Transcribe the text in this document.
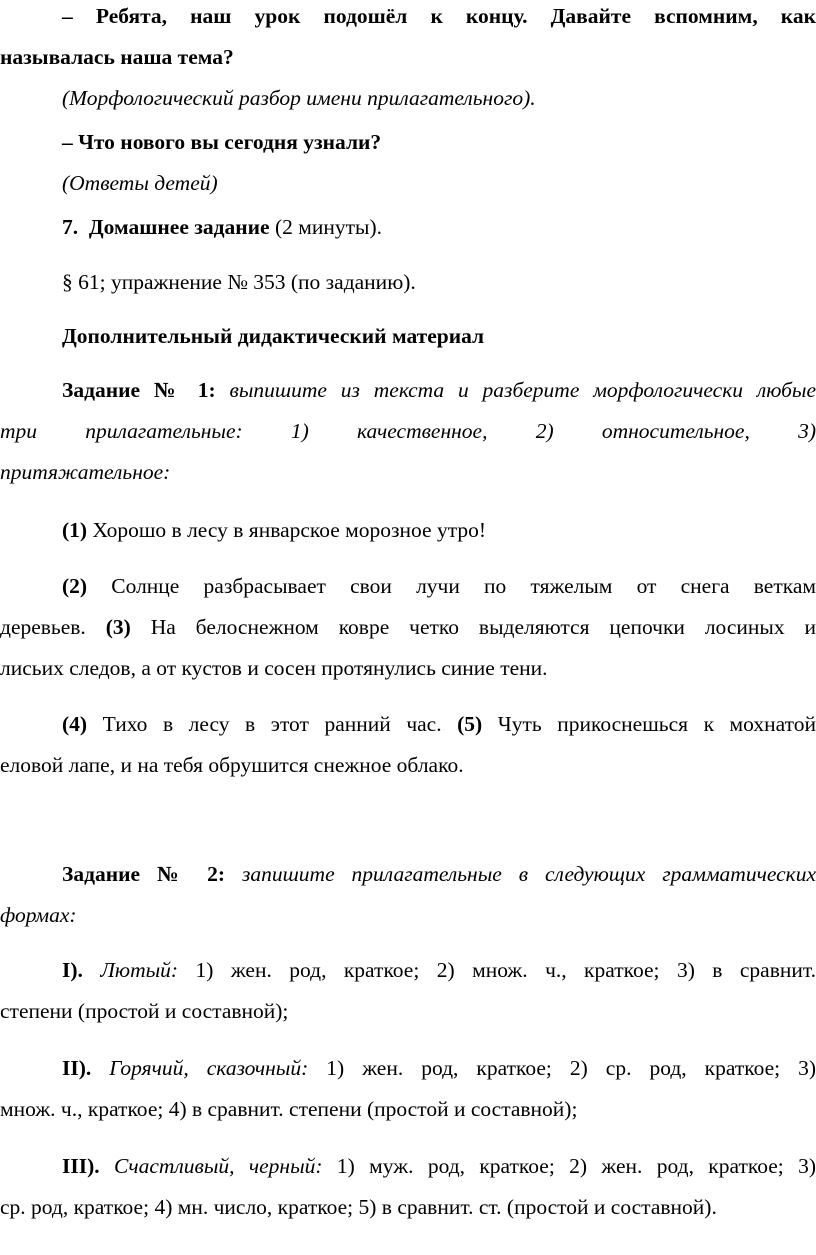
– Ребята, наш урок подошёл к концу. Давайте вспомним, как
называлась наша тема?
(Морфологический разбор имени прилагательного).
– Что нового вы сегодня узнали?
(Ответы детей)
7. Домашнее задание (2 минуты).
§ 61; упражнение № 353 (по заданию).
Дополнительный дидактический материал
Задание № 1: выпишите из текста и разберите морфологически любые
три прилагательные: 1) качественное, 2) относительное, 3)
притяжательное:
(1) Хорошо в лесу в январское морозное утро!
(2) Солнце разбрасывает свои лучи по тяжелым от снега веткам
деревьев. (3) На белоснежном ковре четко выделяются цепочки лосиных и
лисьих следов, а от кустов и сосен протянулись синие тени.
(4) Тихо в лесу в этот ранний час. (5) Чуть прикоснешься к мохнатой
еловой лапе, и на тебя обрушится снежное облако.
Задание № 2: запишите прилагательные в следующих грамматических
формах:
I). Лютый: 1) жен. род, краткое; 2) множ. ч., краткое; 3) в сравнит.
степени (простой и составной);
II). Горячий, сказочный: 1) жен. род, краткое; 2) ср. род, краткое; 3)
множ. ч., краткое; 4) в сравнит. степени (простой и составной);
III). Счастливый, черный: 1) муж. род, краткое; 2) жен. род, краткое; 3)
ср. род, краткое; 4) мн. число, краткое; 5) в сравнит. ст. (простой и составной).
